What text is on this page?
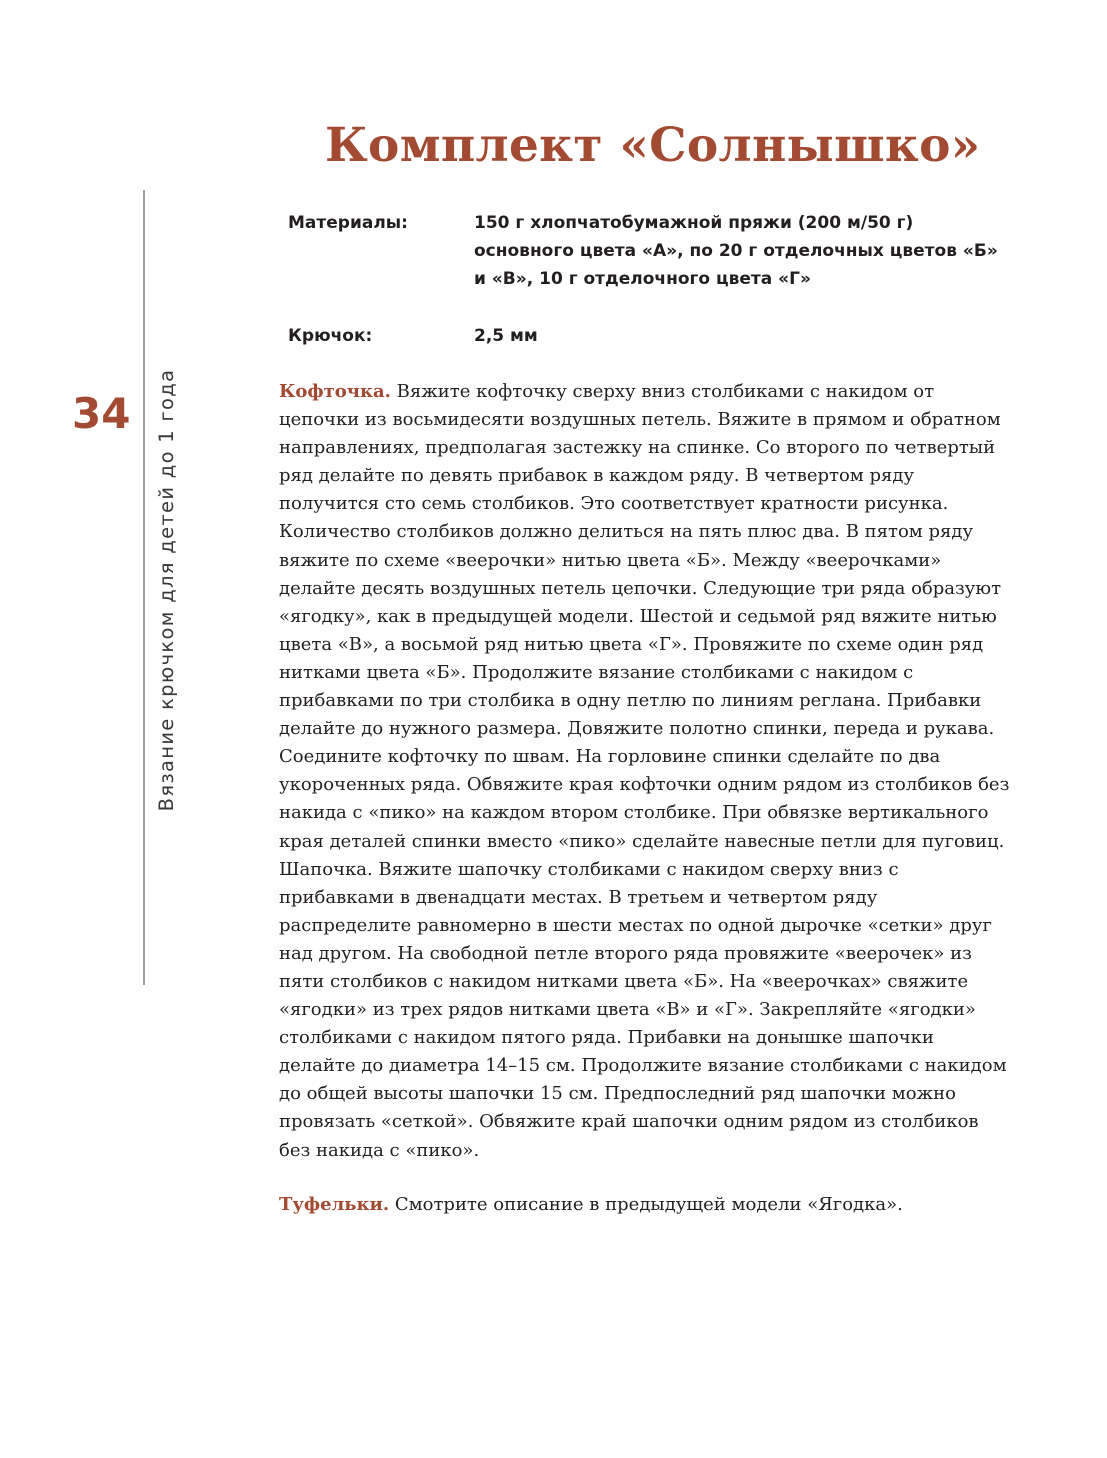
34 Вязание крючком для детей до 1 года
Комплект «Солнышко»
Материалы:	150 г хлопчатобумажной пряжи (200 м/50 г) основного цвета «А», по 20 г отделочных цветов «Б» и «В», 10 г отделочного цвета «Г»
Крючок:	2,5 мм

Кофточка. Вяжите кофточку сверху вниз столбиками с накидом от цепочки из восьмидесяти воздушных петель. Вяжите в прямом и обратном направлениях, предполагая застежку на спинке. Со второго по четвертый ряд делайте по девять прибавок в каждом ряду. В четвертом ряду получится сто семь столбиков. Это соответствует кратности рисунка. Количество столбиков должно делиться на пять плюс два. В пятом ряду вяжите по схеме «веерочки» нитью цвета «Б». Между «веерочками» делайте десять воздушных петель цепочки. Следующие три ряда образуют «ягодку», как в предыдущей модели. Шестой и седьмой ряд вяжите нитью цвета «В», а восьмой ряд нитью цвета «Г». Провяжите по схеме один ряд нитками цвета «Б». Продолжите вязание столбиками с накидом с прибавками по три столбика в одну петлю по линиям реглана. Прибавки делайте до нужного размера. Довяжите полотно спинки, переда и рукава. Соедините кофточку по швам. На горловине спинки сделайте по два укороченных ряда. Обвяжите края кофточки одним рядом из столбиков без накида с «пико» на каждом втором столбике. При обвязке вертикального края деталей спинки вместо «пико» сделайте навесные петли для пуговиц. Шапочка. Вяжите шапочку столбиками с накидом сверху вниз с прибавками в двенадцати местах. В третьем и четвертом ряду распределите равномерно в шести местах по одной дырочке «сетки» друг над другом. На свободной петле второго ряда провяжите «веерочек» из пяти столбиков с накидом нитками цвета «Б». На «веерочках» свяжите «ягодки» из трех рядов нитками цвета «В» и «Г». Закрепляйте «ягодки» столбиками с накидом пятого ряда. Прибавки на донышке шапочки делайте до диаметра 14–15 см. Продолжите вязание столбиками с накидом до общей высоты шапочки 15 см. Предпоследний ряд шапочки можно провязать «сеткой». Обвяжите край шапочки одним рядом из столбиков без накида с «пико».

Туфельки. Смотрите описание в предыдущей модели «Ягодка».
